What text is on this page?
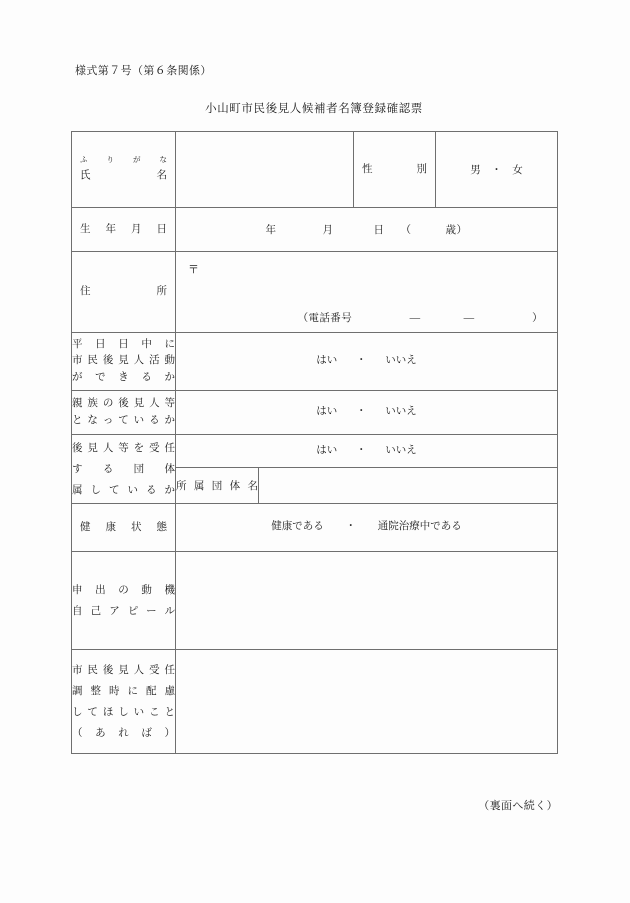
様式第７号（第６条関係）
小山町市民後見人候補者名簿登録確認票
ふりがな
氏　　　名			性　別	男　・　女

生　年　月　日	年 月 日 （ 歳）			

住　　　　所	〒
（電話番号 ― ― ）			

平日日中に
市民後見人活動
ができるか	はい ・ いいえ			

親族の後見人等
となっているか	はい ・ いいえ			

後見人等を受任
する団体
属しているか	はい ・ いいえ			

	所属団体名			

健　康　状　態	健康である ・ 通院治療中である			

申出の動機
自己アピール				

市民後見人受任
調整時に配慮
してほしいこと
（あれば）				

（裏面へ続く）
